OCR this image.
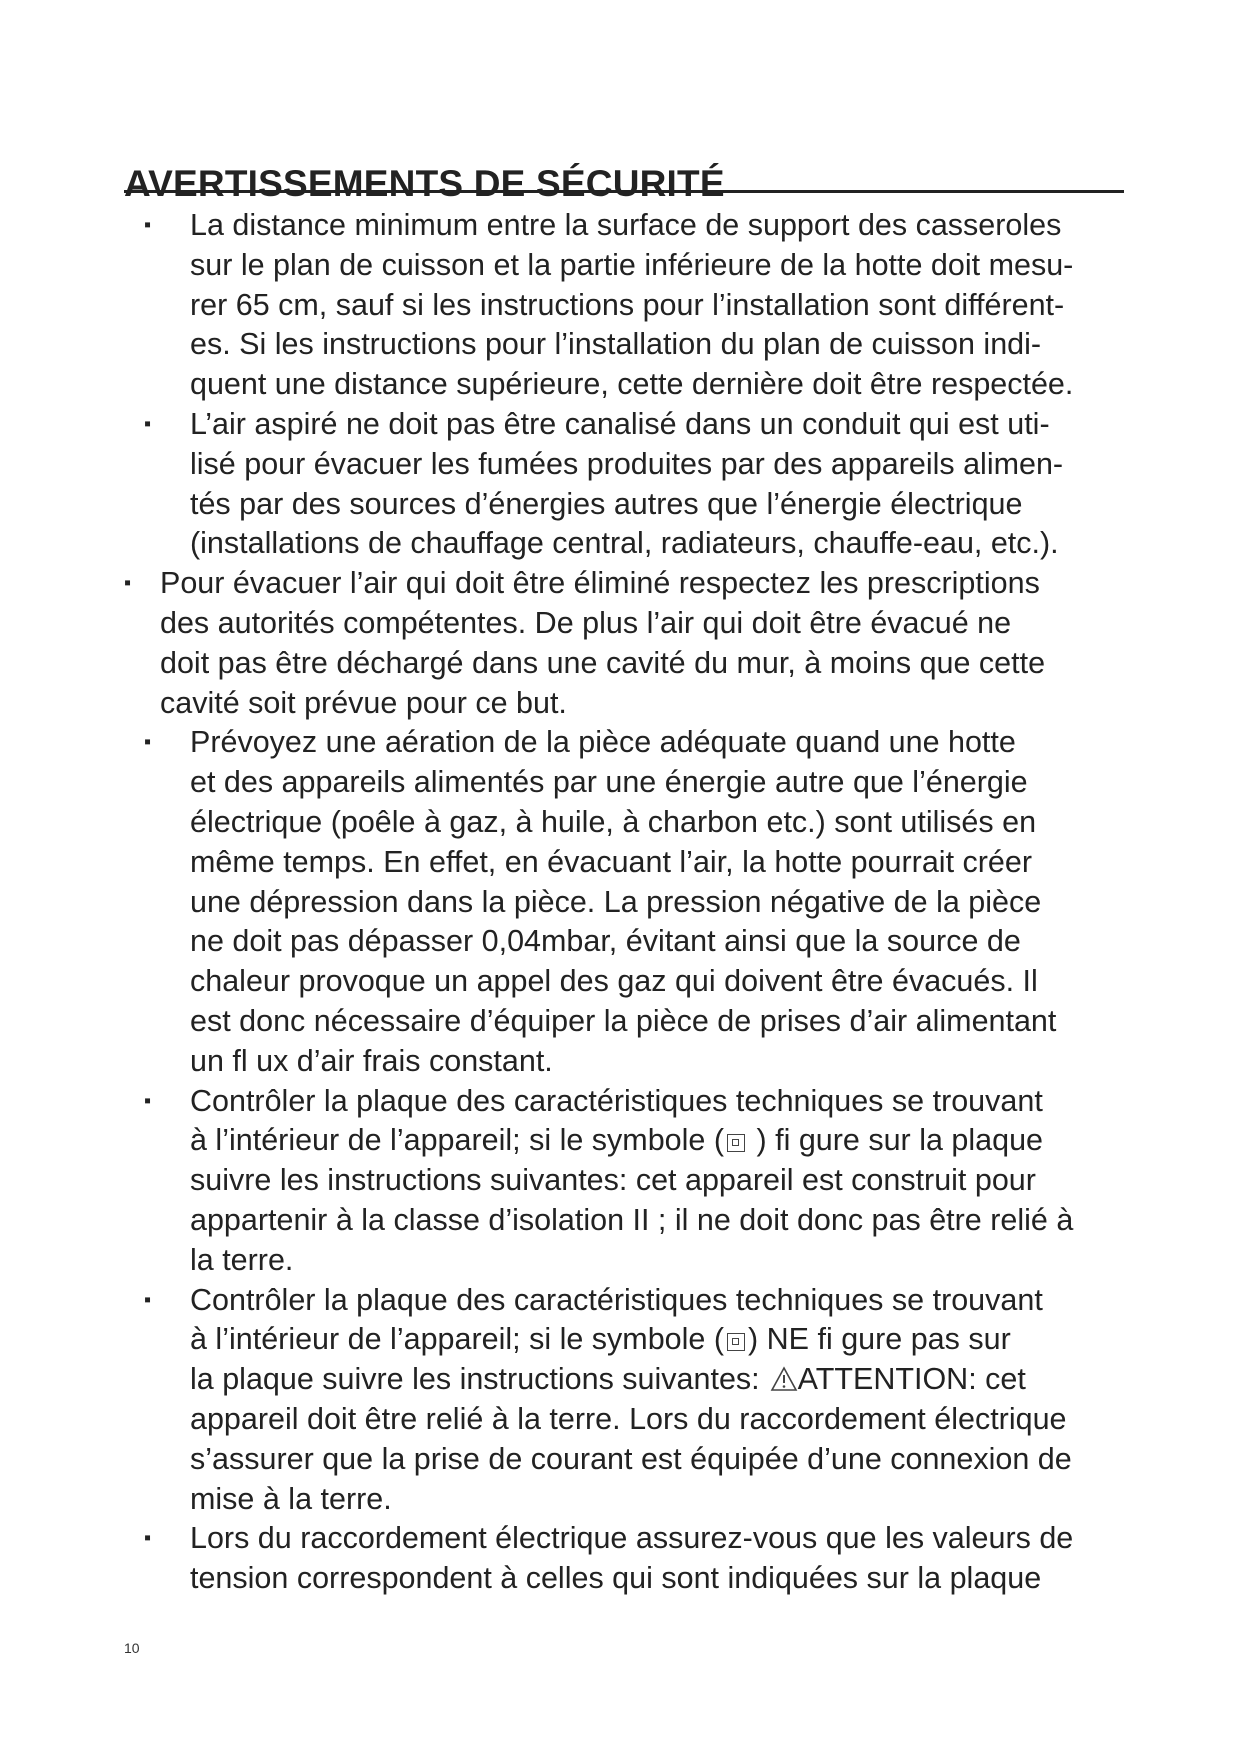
AVERTISSEMENTS DE SÉCURITÉ
▪	La distance minimum entre la surface de support des casseroles
sur le plan de cuisson et la partie inférieure de la hotte doit mesu-
rer 65 cm, sauf si les instructions pour l’installation sont différent-
es. Si les instructions pour l’installation du plan de cuisson indi-
quent une distance supérieure, cette dernière doit être respectée.
▪	L’air aspiré ne doit pas être canalisé dans un conduit qui est uti-
lisé pour évacuer les fumées produites par des appareils alimen-
tés par des sources d’énergies autres que l’énergie électrique
(installations de chauffage central, radiateurs, chauffe-eau, etc.).
▪ Pour évacuer l’air qui doit être éliminé respectez les prescriptions
des autorités compétentes. De plus l’air qui doit être évacué ne
doit pas être déchargé dans une cavité du mur, à moins que cette
cavité soit prévue pour ce but.
▪	Prévoyez une aération de la pièce adéquate quand une hotte
et des appareils alimentés par une énergie autre que l’énergie
électrique (poêle à gaz, à huile, à charbon etc.) sont utilisés en
même temps. En effet, en évacuant l’air, la hotte pourrait créer
une dépression dans la pièce. La pression négative de la pièce
ne doit pas dépasser 0,04mbar, évitant ainsi que la source de
chaleur provoque un appel des gaz qui doivent être évacués. Il
est donc nécessaire d’équiper la pièce de prises d’air alimentant
un fl ux d’air frais constant.
▪	Contrôler la plaque des caractéristiques techniques se trouvant
à l’intérieur de l’appareil; si le symbole ( ) fi gure sur la plaque
suivre les instructions suivantes: cet appareil est construit pour
appartenir à la classe d’isolation II ; il ne doit donc pas être relié à
la terre.
▪	Contrôler la plaque des caractéristiques techniques se trouvant
à l’intérieur de l’appareil; si le symbole ( ) NE fi gure pas sur
la plaque suivre les instructions suivantes: ATTENTION: cet
appareil doit être relié à la terre. Lors du raccordement électrique
s’assurer que la prise de courant est équipée d’une connexion de
mise à la terre.
▪	Lors du raccordement électrique assurez-vous que les valeurs de
tension correspondent à celles qui sont indiquées sur la plaque
10
